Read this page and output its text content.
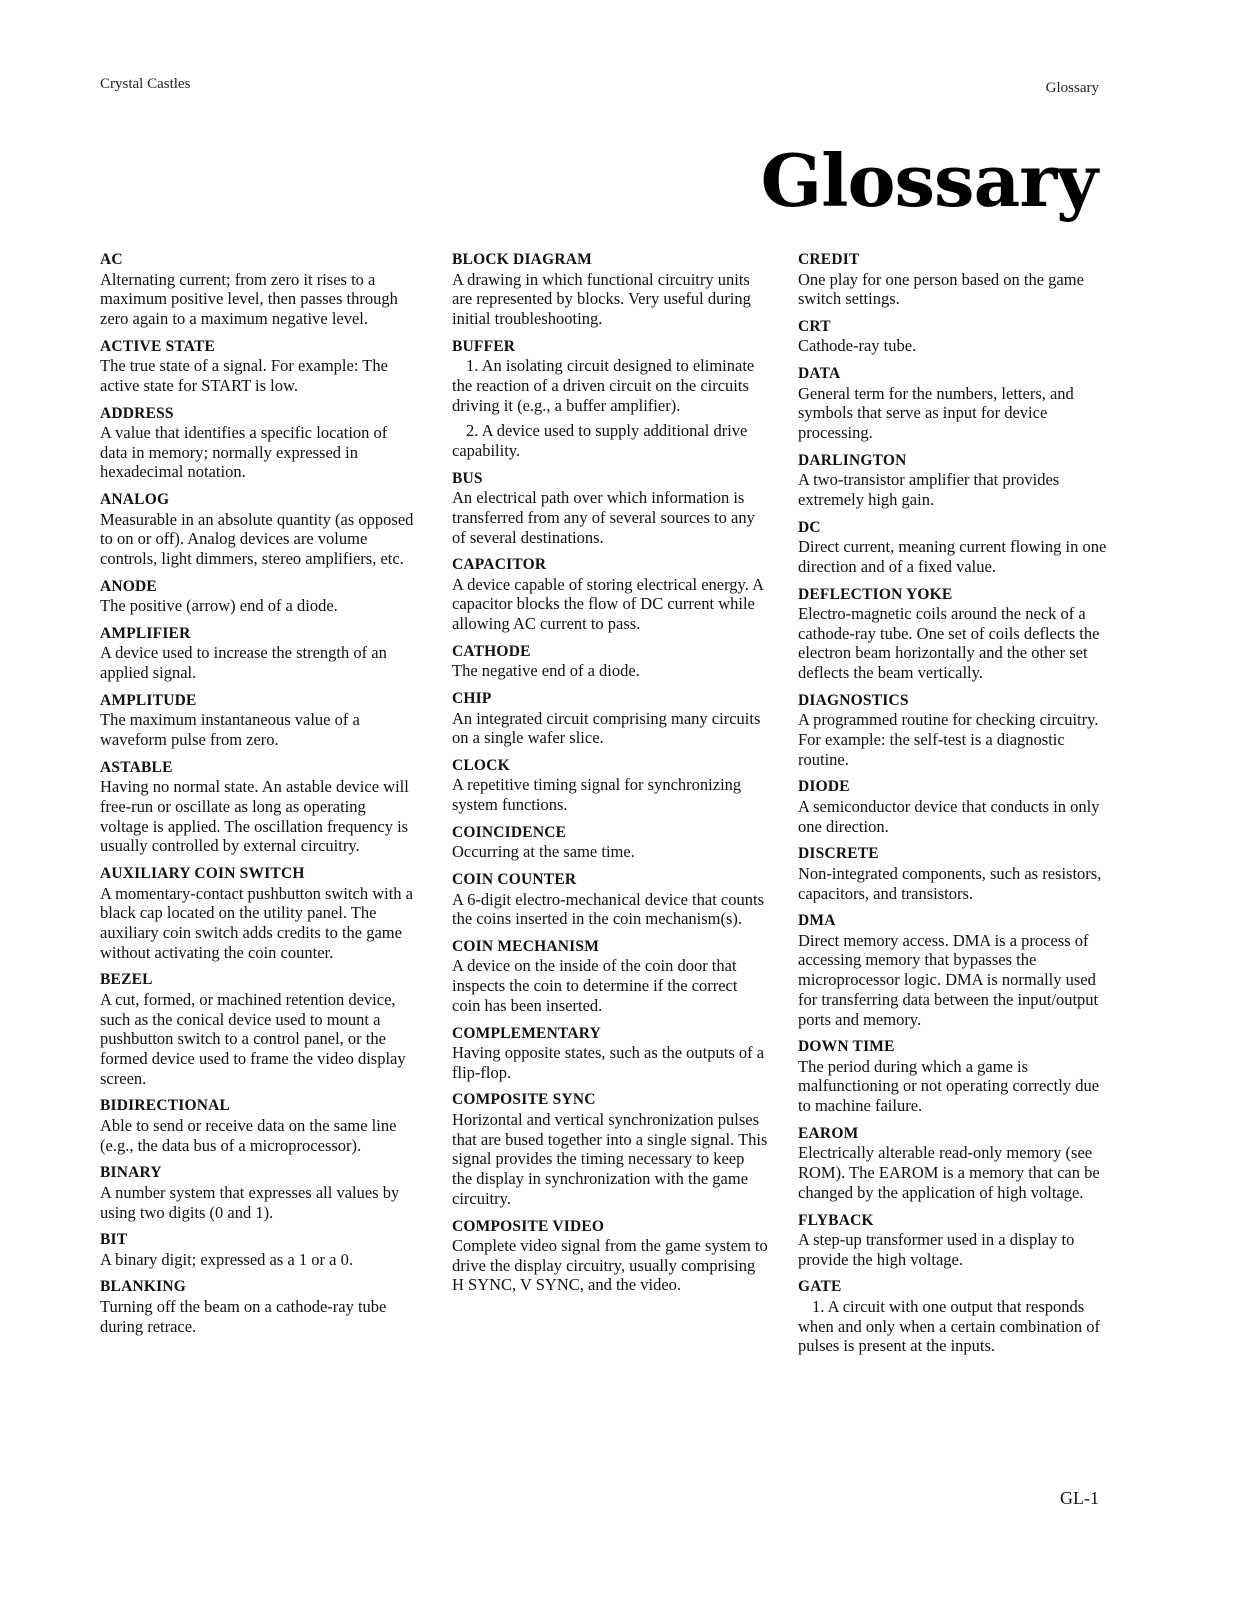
Crystal Castles	Glossary
Glossary
AC
Alternating current; from zero it rises to a maximum positive level, then passes through zero again to a maximum negative level.
ACTIVE STATE
The true state of a signal. For example: The active state for START is low.
ADDRESS
A value that identifies a specific location of data in memory; normally expressed in hexadecimal notation.
ANALOG
Measurable in an absolute quantity (as opposed to on or off). Analog devices are volume controls, light dimmers, stereo amplifiers, etc.
ANODE
The positive (arrow) end of a diode.
AMPLIFIER
A device used to increase the strength of an applied signal.
AMPLITUDE
The maximum instantaneous value of a waveform pulse from zero.
ASTABLE
Having no normal state. An astable device will free-run or oscillate as long as operating voltage is applied. The oscillation frequency is usually controlled by external circuitry.
AUXILIARY COIN SWITCH
A momentary-contact pushbutton switch with a black cap located on the utility panel. The auxiliary coin switch adds credits to the game without activating the coin counter.
BEZEL
A cut, formed, or machined retention device, such as the conical device used to mount a pushbutton switch to a control panel, or the formed device used to frame the video display screen.
BIDIRECTIONAL
Able to send or receive data on the same line (e.g., the data bus of a microprocessor).
BINARY
A number system that expresses all values by using two digits (0 and 1).
BIT
A binary digit; expressed as a 1 or a 0.
BLANKING
Turning off the beam on a cathode-ray tube during retrace.
BLOCK DIAGRAM
A drawing in which functional circuitry units are represented by blocks. Very useful during initial troubleshooting.
BUFFER
1. An isolating circuit designed to eliminate the reaction of a driven circuit on the circuits driving it (e.g., a buffer amplifier).
2. A device used to supply additional drive capability.
BUS
An electrical path over which information is transferred from any of several sources to any of several destinations.
CAPACITOR
A device capable of storing electrical energy. A capacitor blocks the flow of DC current while allowing AC current to pass.
CATHODE
The negative end of a diode.
CHIP
An integrated circuit comprising many circuits on a single wafer slice.
CLOCK
A repetitive timing signal for synchronizing system functions.
COINCIDENCE
Occurring at the same time.
COIN COUNTER
A 6-digit electro-mechanical device that counts the coins inserted in the coin mechanism(s).
COIN MECHANISM
A device on the inside of the coin door that inspects the coin to determine if the correct coin has been inserted.
COMPLEMENTARY
Having opposite states, such as the outputs of a flip-flop.
COMPOSITE SYNC
Horizontal and vertical synchronization pulses that are bused together into a single signal. This signal provides the timing necessary to keep the display in synchronization with the game circuitry.
COMPOSITE VIDEO
Complete video signal from the game system to drive the display circuitry, usually comprising H SYNC, V SYNC, and the video.
CREDIT
One play for one person based on the game switch settings.
CRT
Cathode-ray tube.
DATA
General term for the numbers, letters, and symbols that serve as input for device processing.
DARLINGTON
A two-transistor amplifier that provides extremely high gain.
DC
Direct current, meaning current flowing in one direction and of a fixed value.
DEFLECTION YOKE
Electro-magnetic coils around the neck of a cathode-ray tube. One set of coils deflects the electron beam horizontally and the other set deflects the beam vertically.
DIAGNOSTICS
A programmed routine for checking circuitry. For example: the self-test is a diagnostic routine.
DIODE
A semiconductor device that conducts in only one direction.
DISCRETE
Non-integrated components, such as resistors, capacitors, and transistors.
DMA
Direct memory access. DMA is a process of accessing memory that bypasses the microprocessor logic. DMA is normally used for transferring data between the input/output ports and memory.
DOWN TIME
The period during which a game is malfunctioning or not operating correctly due to machine failure.
EAROM
Electrically alterable read-only memory (see ROM). The EAROM is a memory that can be changed by the application of high voltage.
FLYBACK
A step-up transformer used in a display to provide the high voltage.
GATE
1. A circuit with one output that responds when and only when a certain combination of pulses is present at the inputs.
GL-1
